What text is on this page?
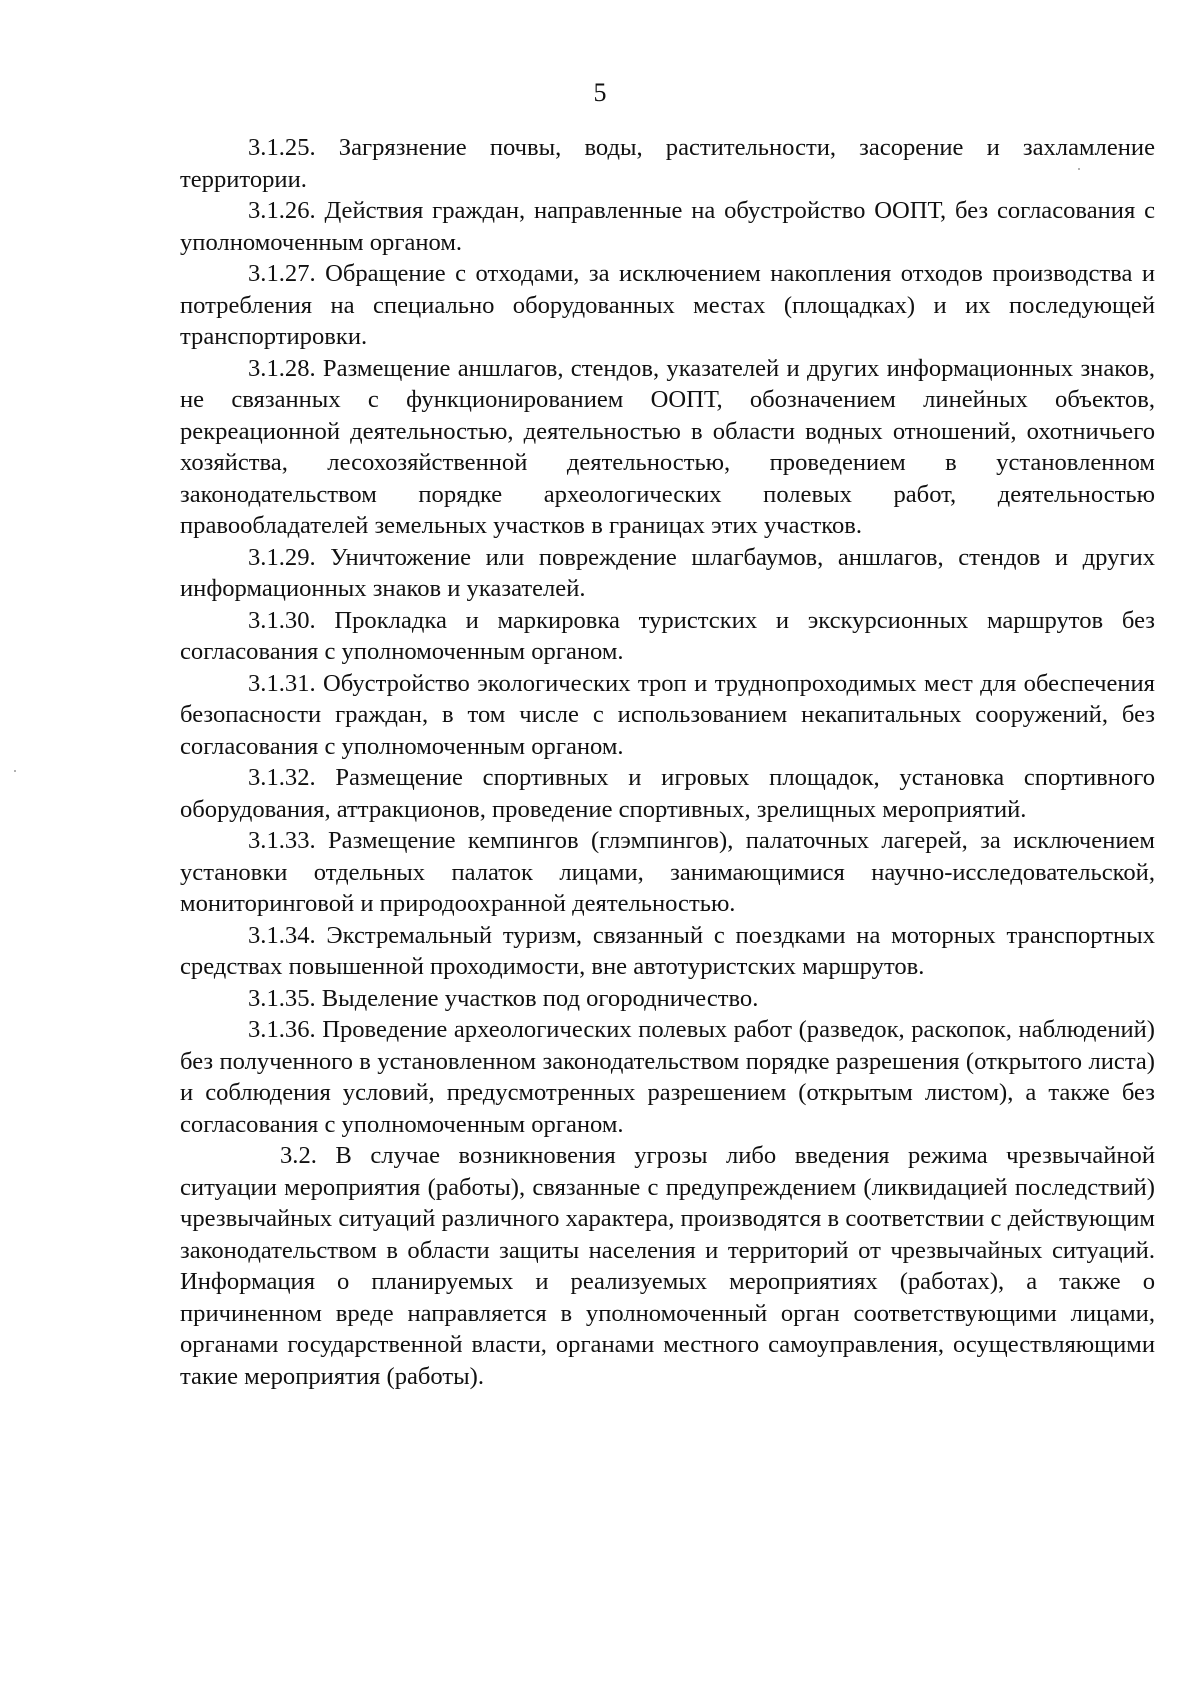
5

3.1.25. Загрязнение почвы, воды, растительности, засорение и захламление территории.

3.1.26. Действия граждан, направленные на обустройство ООПТ, без согласования с уполномоченным органом.

3.1.27. Обращение с отходами, за исключением накопления отходов производства и потребления на специально оборудованных местах (площадках) и их последующей транспортировки.

3.1.28. Размещение аншлагов, стендов, указателей и других информационных знаков, не связанных с функционированием ООПТ, обозначением линейных объектов, рекреационной деятельностью, деятельностью в области водных отношений, охотничьего хозяйства, лесохозяйственной деятельностью, проведением в установленном законодательством порядке археологических полевых работ, деятельностью правообладателей земельных участков в границах этих участков.

3.1.29. Уничтожение или повреждение шлагбаумов, аншлагов, стендов и других информационных знаков и указателей.

3.1.30. Прокладка и маркировка туристских и экскурсионных маршрутов без согласования с уполномоченным органом.

3.1.31. Обустройство экологических троп и труднопроходимых мест для обеспечения безопасности граждан, в том числе с использованием некапитальных сооружений, без согласования с уполномоченным органом.

3.1.32. Размещение спортивных и игровых площадок, установка спортивного оборудования, аттракционов, проведение спортивных, зрелищных мероприятий.

3.1.33. Размещение кемпингов (глэмпингов), палаточных лагерей, за исключением установки отдельных палаток лицами, занимающимися научно-исследовательской, мониторинговой и природоохранной деятельностью.

3.1.34. Экстремальный туризм, связанный с поездками на моторных транспортных средствах повышенной проходимости, вне автотуристских маршрутов.

3.1.35. Выделение участков под огородничество.

3.1.36. Проведение археологических полевых работ (разведок, раскопок, наблюдений) без полученного в установленном законодательством порядке разрешения (открытого листа) и соблюдения условий, предусмотренных разрешением (открытым листом), а также без согласования с уполномоченным органом.

3.2. В случае возникновения угрозы либо введения режима чрезвычайной ситуации мероприятия (работы), связанные с предупреждением (ликвидацией последствий) чрезвычайных ситуаций различного характера, производятся в соответствии с действующим законодательством в области защиты населения и территорий от чрезвычайных ситуаций. Информация о планируемых и реализуемых мероприятиях (работах), а также о причиненном вреде направляется в уполномоченный орган соответствующими лицами, органами государственной власти, органами местного самоуправления, осуществляющими такие мероприятия (работы).
